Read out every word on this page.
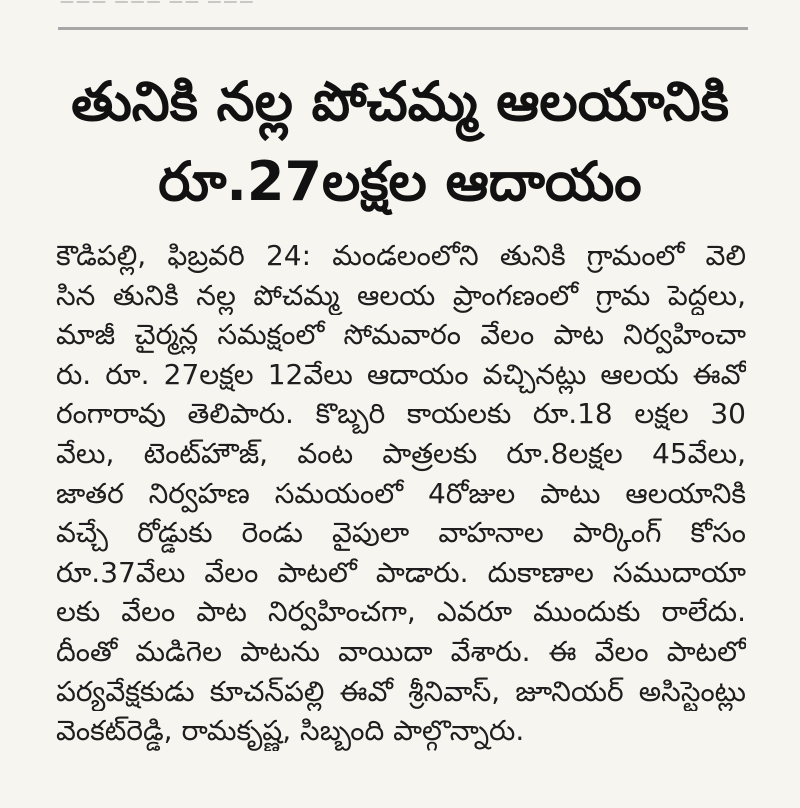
——— ——— —— ———
తునికి నల్ల పోచమ్మ ఆలయానికి
రూ.27లక్షల ఆదాయం
కౌడిపల్లి, ఫిబ్రవరి 24: మండలంలోని తునికి గ్రామంలో వెలి
సిన తునికి నల్ల పోచమ్మ ఆలయ ప్రాంగణంలో గ్రామ పెద్దలు,
మాజీ చైర్మన్ల సమక్షంలో సోమవారం వేలం పాట నిర్వహించా
రు. రూ. 27లక్షల 12వేలు ఆదాయం వచ్చినట్లు ఆలయ ఈవో
రంగారావు తెలిపారు. కొబ్బరి కాయలకు రూ.18 లక్షల 30
వేలు, టెంట్‌హౌజ్, వంట పాత్రలకు రూ.8లక్షల 45వేలు,
జాతర నిర్వహణ సమయంలో 4రోజుల పాటు ఆలయానికి
వచ్చే రోడ్డుకు రెండు వైపులా వాహనాల పార్కింగ్ కోసం
రూ.37వేలు వేలం పాటలో పాడారు. దుకాణాల సముదాయా
లకు వేలం పాట నిర్వహించగా, ఎవరూ ముందుకు రాలేదు.
దీంతో మడిగెల పాటను వాయిదా వేశారు. ఈ వేలం పాటలో
పర్యవేక్షకుడు కూచన్‌పల్లి ఈవో శ్రీనివాస్, జూనియర్ అసిస్టెంట్లు
వెంకట్‌రెడ్డి, రామకృష్ణ, సిబ్బంది పాల్గొన్నారు.
